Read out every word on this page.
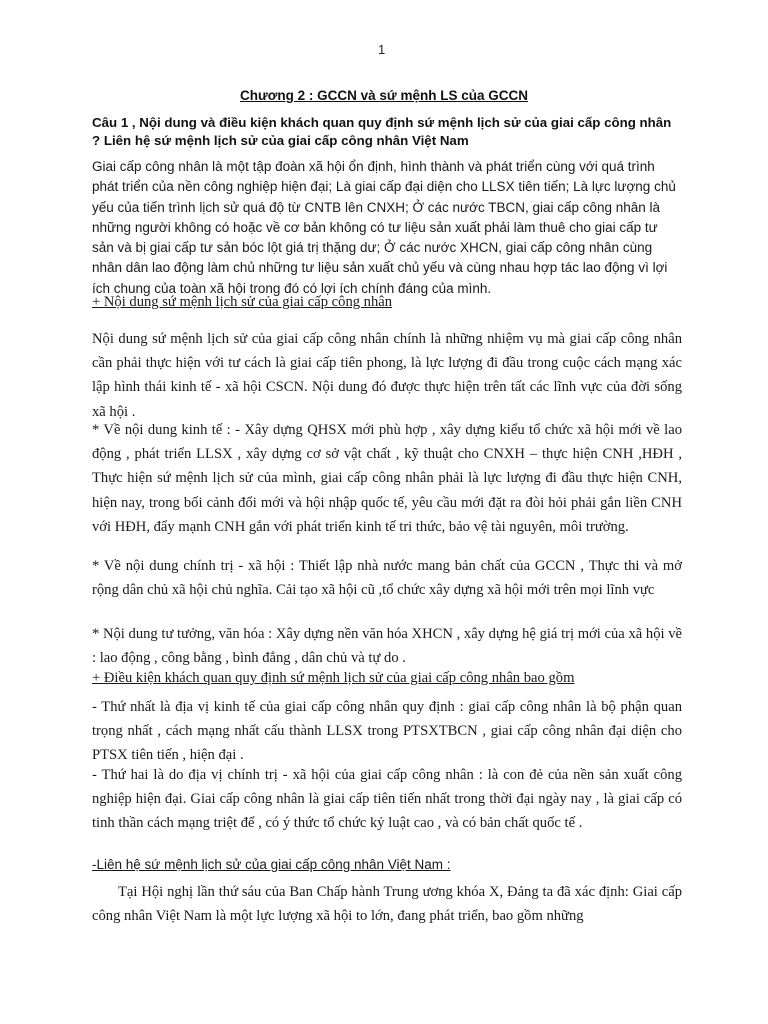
1
Chương 2 : GCCN và sứ mệnh LS của GCCN
Câu 1 , Nội dung và điều kiện khách quan quy định sứ mệnh lịch sử của giai cấp công nhân ? Liên hệ sứ mệnh lịch sử của giai cấp công nhân Việt Nam
Giai cấp công nhân là một tập đoàn xã hội ổn định, hình thành và phát triển cùng với quá trình phát triển của nền công nghiệp hiện đại; Là giai cấp đại diện cho LLSX tiên tiến; Là lực lượng chủ yếu của tiến trình lịch sử quá độ từ CNTB lên CNXH; Ở các nước TBCN, giai cấp công nhân là những người không có hoặc về cơ bản không có tư liệu sản xuất phải làm thuê cho giai cấp tư sản và bị giai cấp tư sản bóc lột giá trị thặng dư; Ở các nước XHCN, giai cấp công nhân cùng nhân dân lao động làm chủ những tư liệu sản xuất chủ yếu và cùng nhau hợp tác lao động vì lợi ích chung của toàn xã hội trong đó có lợi ích chính đáng của mình.
+ Nội dung sứ mệnh lịch sử của giai cấp công nhân
Nội dung sứ mệnh lịch sử của giai cấp công nhân chính là những nhiệm vụ mà giai cấp công nhân cần phải thực hiện với tư cách là giai cấp tiên phong, là lực lượng đi đầu trong cuộc cách mạng xác lập hình thái kinh tế - xã hội CSCN. Nội dung đó được thực hiện trên tất các lĩnh vực của đời sống xã hội .
* Về nội dung kinh tế : - Xây dựng QHSX mới phù hợp , xây dựng kiểu tổ chức xã hội mới về lao động , phát triển LLSX , xây dựng cơ sở vật chất , kỹ thuật cho CNXH – thực hiện CNH ,HĐH , Thực hiện sứ mệnh lịch sử của mình, giai cấp công nhân phải là lực lượng đi đầu thực hiện CNH, hiện nay, trong bối cảnh đổi mới và hội nhập quốc tế, yêu cầu mới đặt ra đòi hỏi phải gắn liền CNH với HĐH, đẩy mạnh CNH gắn với phát triển kinh tế tri thức, bảo vệ tài nguyên, môi trường.
* Về nội dung chính trị - xã hội : Thiết lập nhà nước mang bản chất của GCCN , Thực thi và mở rộng dân chủ xã hội chủ nghĩa. Cải tạo xã hội cũ ,tổ chức xây dựng xã hội mới trên mọi lĩnh vực
* Nội dung tư tưởng, văn hóa : Xây dựng nền văn hóa XHCN , xây dựng hệ giá trị mới của xã hội về : lao động , công bằng , bình đẳng , dân chủ và tự do .
+ Điều kiện khách quan quy định sứ mệnh lịch sử của giai cấp công nhân bao gồm
- Thứ nhất là địa vị kinh tế của giai cấp công nhân quy định : giai cấp công nhân là bộ phận quan trọng nhất , cách mạng nhất cấu thành LLSX trong PTSXTBCN , giai cấp công nhân đại diện cho PTSX tiên tiến , hiện đại .
- Thứ hai là do địa vị chính trị - xã hội của giai cấp công nhân : là con đẻ của nền sản xuất công nghiệp hiện đại. Giai cấp công nhân là giai cấp tiên tiến nhất trong thời đại ngày nay , là giai cấp có tinh thần cách mạng triệt để , có ý thức tổ chức kỷ luật cao , và có bản chất quốc tế .
-Liên hệ sứ mệnh lịch sử của giai cấp công nhân Việt Nam :
Tại Hội nghị lần thứ sáu của Ban Chấp hành Trung ương khóa X, Đảng ta đã xác định: Giai cấp công nhân Việt Nam là một lực lượng xã hội to lớn, đang phát triển, bao gồm những
